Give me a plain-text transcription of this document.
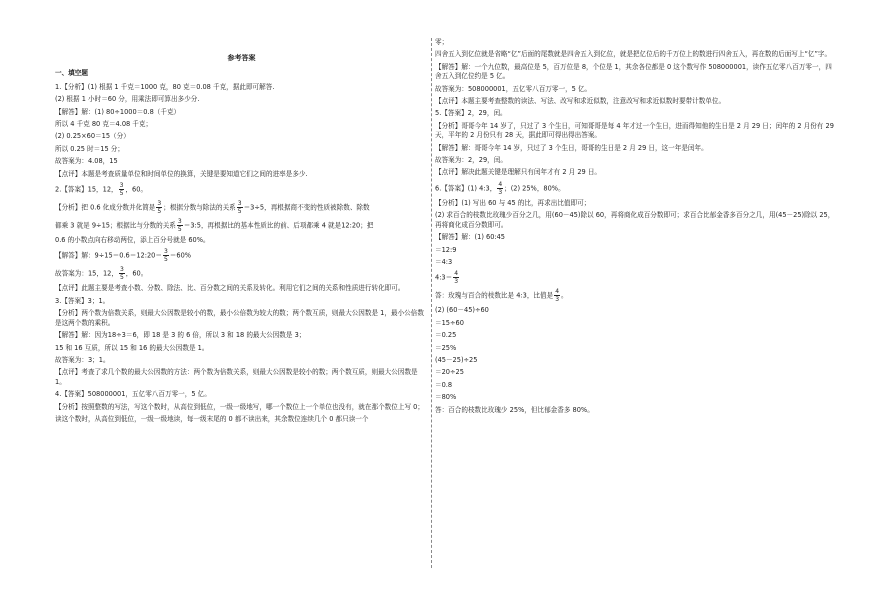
参考答案
一、填空题
1.【分析】(1) 根据 1 千克＝1000 克，80 克＝0.08 千克，据此即可解答.
(2) 根据 1 小时＝60 分，用乘法即可算出多少分.
【解答】解：(1) 80÷1000＝0.8（千克）
所以 4 千克 80 克＝4.08 千克；
(2) 0.25×60＝15（分）
所以 0.25 时＝15 分；
故答案为：4.08，15
【点评】本题是考查质量单位和时间单位的换算，关键是要知道它们之间的进率是多少.
2.【答案】15，12， $\frac{3}{5}$ ，60。
【分析】把 0.6 化成分数并化简是 $\frac{3}{5}$ ；根据分数与除法的关系 $\frac{3}{5} =3\div 5$，再根据商不变的性质被除数、除数
都乘 3 就是 9÷15；根据比与分数的关系 $\frac{3}{5}$ ＝3:5，再根据比的基本性质比的前、后项都乘 4 就是12:20；把
0.6 的小数点向右移动两位，添上百分号就是 60%。
【解答】解：9÷15＝0.6＝12:20＝ $\frac{3}{5} =60\%$
故答案为：15，12， $\frac{3}{5}$ ，60。
【点评】此题主要是考查小数、分数、除法、比、百分数之间的关系及转化。利用它们之间的关系和性质进行转化即可。
3.【答案】3；1。
【分析】两个数为倍数关系，则最大公因数是较小的数，最小公倍数为较大的数；两个数互质，则最大公因数是 1，最小公倍数是这两个数的乘积。
【解答】解：因为18÷3＝6，即 18 是 3 的 6 倍，所以 3 和 18 的最大公因数是 3；
15 和 16 互质，所以 15 和 16 的最大公因数是 1。
故答案为：3；1。
【点评】考查了求几个数的最大公因数的方法：两个数为倍数关系，则最大公因数是较小的数；两个数互质，则最大公因数是1。
4.【答案】508000001，五亿零八百万零一，5 亿。
【分析】按照整数的写法，写这个数时，从高位到低位，一级一级地写，哪一个数位上一个单位也没有，就在那个数位上写 0；
读这个数时，从高位到低位，一级一级地读，每一级末尾的 0 都不读出来，其余数位连续几个 0 都只读一个
零；
四舍五入到亿位就是省略“亿”后面的尾数就是四舍五入到亿位，就是把亿位后的千万位上的数进行四舍五入，再在数的后面写上“亿”字。
【解答】解：一个九位数，最高位是 5，百万位是 8，个位是 1，其余各位都是 0 这个数写作 508000001，读作五亿零八百万零一，四舍五入到亿位约是 5 亿。
故答案为：508000001，五亿零八百万零一，5 亿。
【点评】本题主要考查整数的读法、写法、改写和求近似数，注意改写和求近似数时要带计数单位。
5.【答案】2，29，闰。
【分析】哥哥今年 14 岁了，只过了 3 个生日，可知哥哥是每 4 年才过一个生日，进而得知他的生日是 2 月 29 日；闰年的 2 月份有 29 天，平年的 2 月份只有 28 天，据此即可得出得出答案。
【解答】解：哥哥今年 14 岁，只过了 3 个生日，哥哥的生日是 2 月 29 日，这一年是闰年。
故答案为：2，29，闰。
【点评】解决此题关键是理解只有闰年才有 2 月 29 日。
6.【答案】(1) 4:3， $\frac{4}{3}$ ；(2) 25%，80%。
【分析】(1) 写出 60 与 45 的比，再求出比值即可；
(2) 求百合的枝数比玫瑰少百分之几，用(60－45)除以 60，再将商化成百分数即可；求百合比郁金香多百分之几，用(45－25)除以 25，再将商化成百分数即可。
【解答】解：(1) 60:45
＝12:9
＝4:3
4:3＝ $\frac{4}{3}$
答：玫瑰与百合的枝数比是 4:3，比值是 $\frac{4}{3}$ 。
(2) (60－45)÷60
＝15÷60
＝0.25
＝25%
(45－25)÷25
＝20÷25
＝0.8
＝80%
答：百合的枝数比玫瑰少 25%，但比郁金香多 80%。
